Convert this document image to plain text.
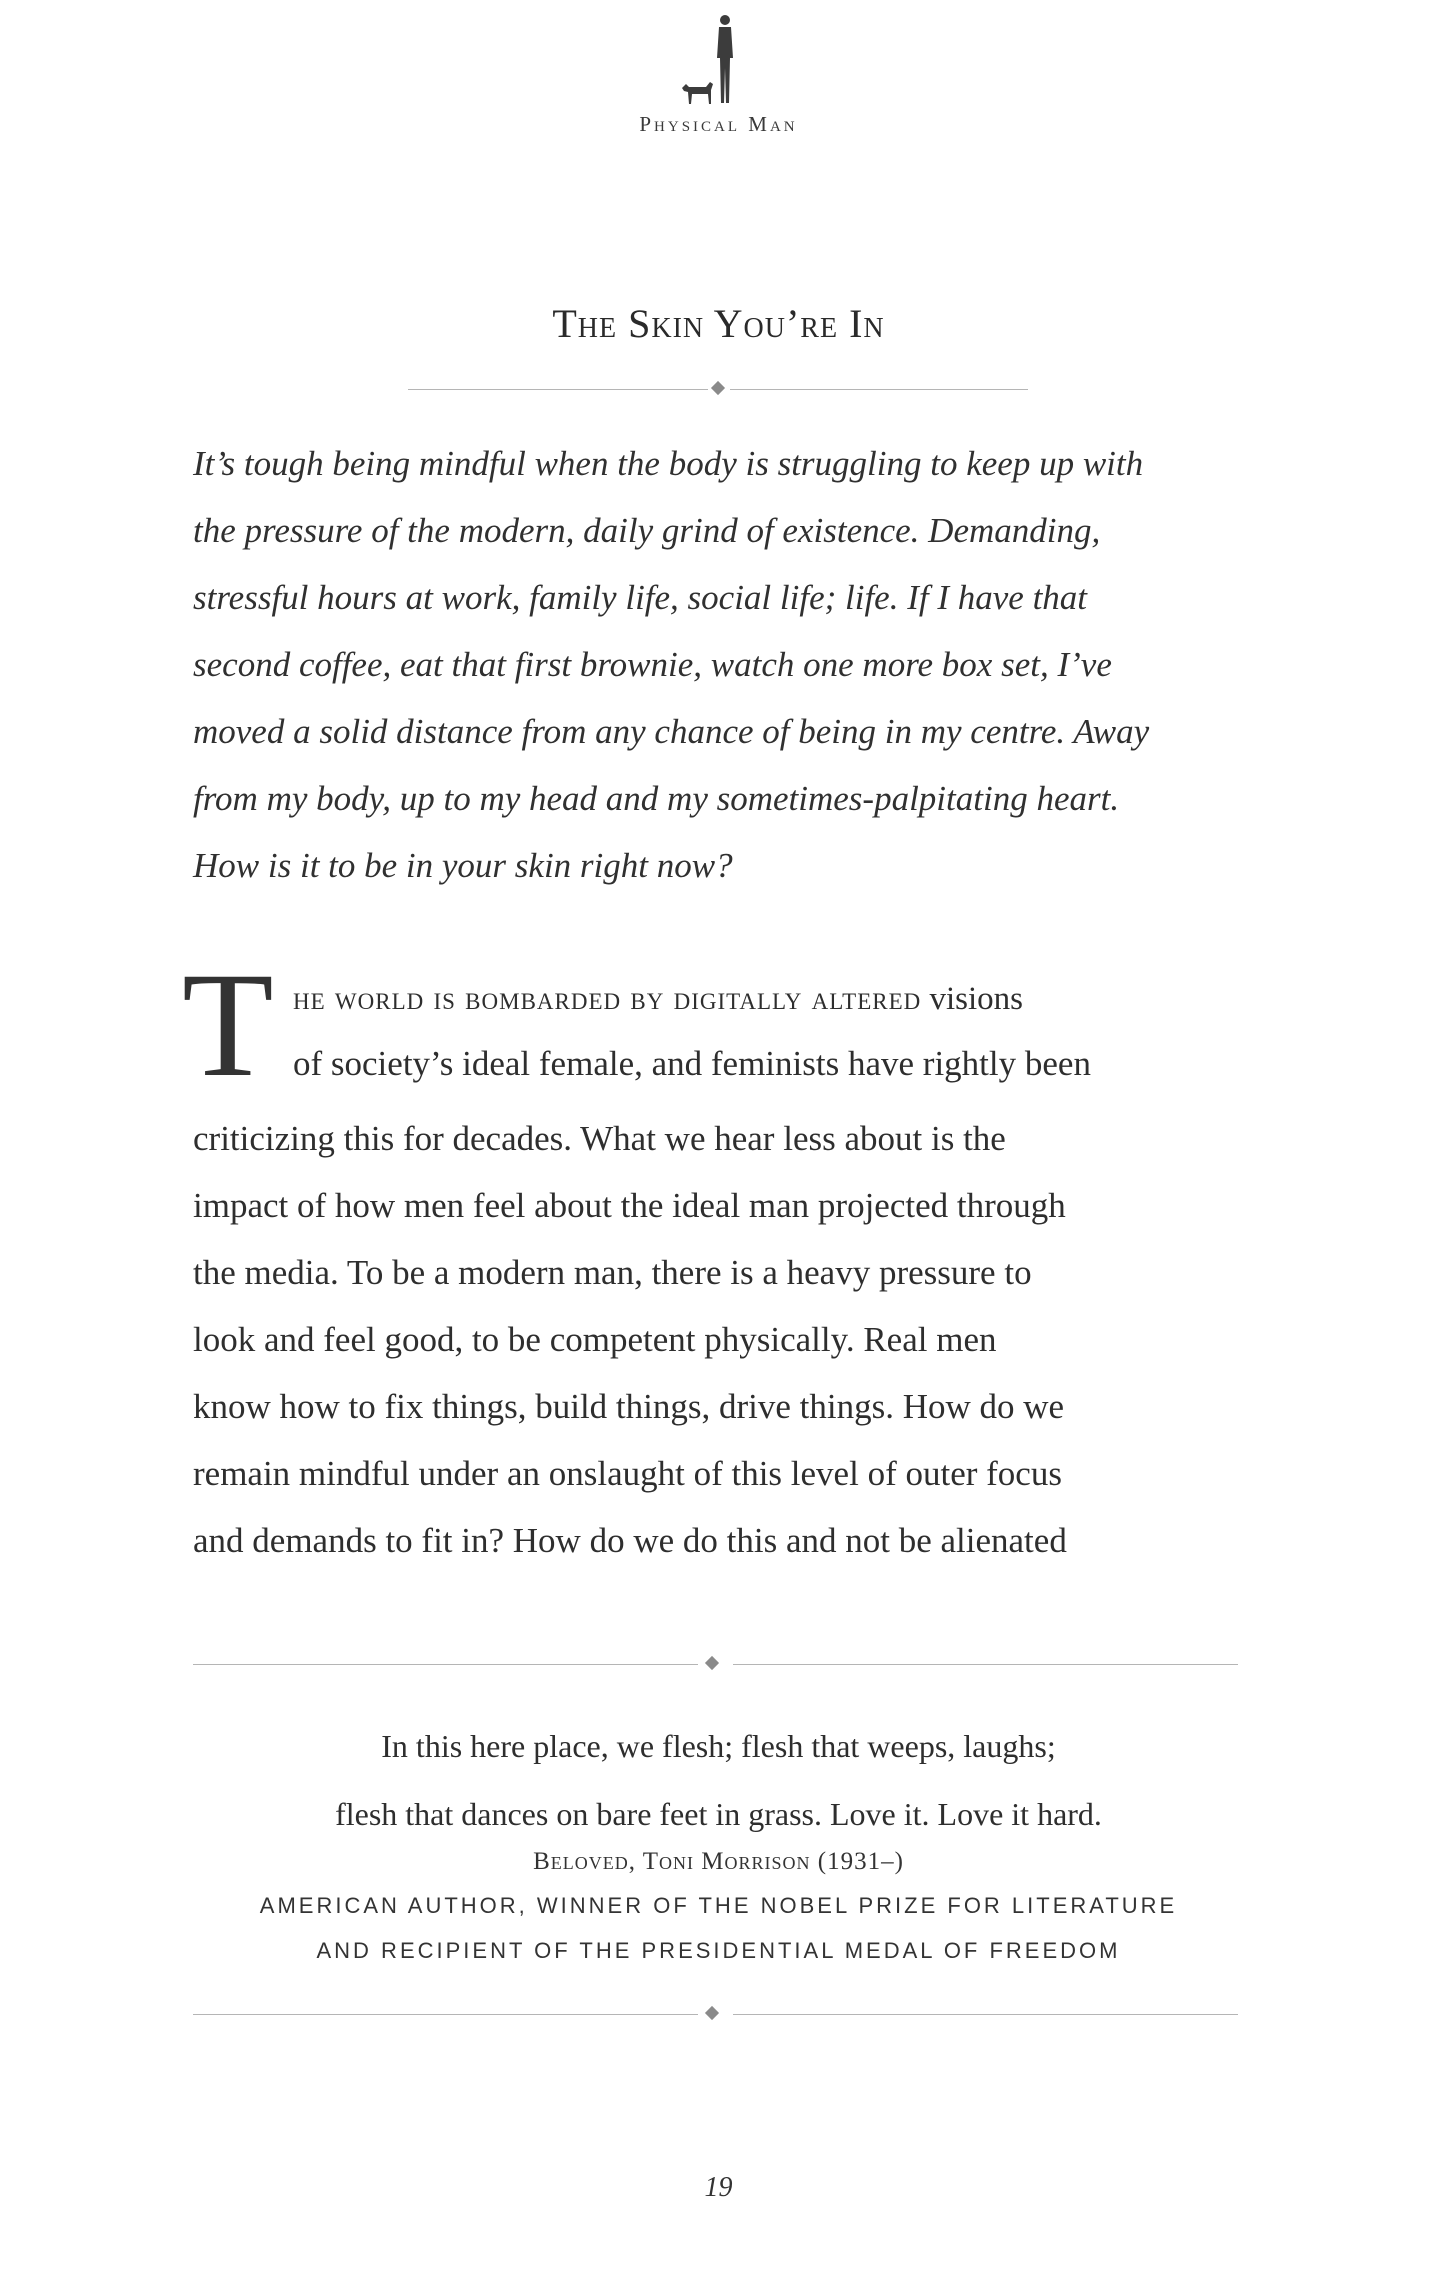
Physical Man
The Skin You’re In
It’s tough being mindful when the body is struggling to keep up with
the pressure of the modern, daily grind of existence. Demanding,
stressful hours at work, family life, social life; life. If I have that
second coffee, eat that first brownie, watch one more box set, I’ve
moved a solid distance from any chance of being in my centre. Away
from my body, up to my head and my sometimes-palpitating heart.
How is it to be in your skin right now?
T he world is bombarded by digitally altered visions
of society’s ideal female, and feminists have rightly been

criticizing this for decades. What we hear less about is the

impact of how men feel about the ideal man projected through

the media. To be a modern man, there is a heavy pressure to

look and feel good, to be competent physically. Real men

know how to fix things, build things, drive things. How do we

remain mindful under an onslaught of this level of outer focus

and demands to fit in? How do we do this and not be alienated

In this here place, we flesh; flesh that weeps, laughs;

flesh that dances on bare feet in grass. Love it. Love it hard.

Beloved, Toni Morrison (1931–)
AMERICAN AUTHOR, WINNER OF THE NOBEL PRIZE FOR LITERATURE
AND RECIPIENT OF THE PRESIDENTIAL MEDAL OF FREEDOM
19
